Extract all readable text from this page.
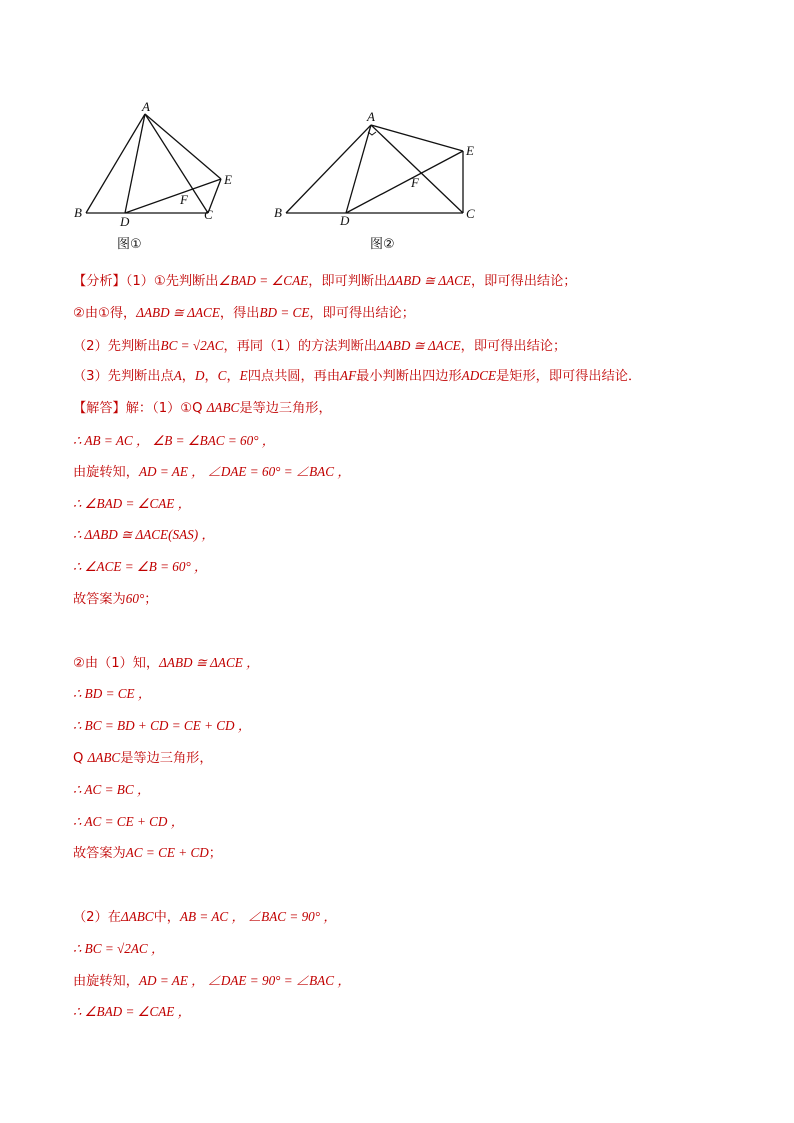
A
B
D	C
E
F
图①
A
B
D	C
E
F
图②
【分析】（1）①先判断出∠BAD = ∠CAE，即可判断出ΔABD ≅ ΔACE，即可得出结论；
②由①得，ΔABD ≅ ΔACE，得出BD = CE，即可得出结论；
（2）先判断出BC = √2AC，再同（1）的方法判断出ΔABD ≅ ΔACE，即可得出结论；
（3）先判断出点A，D，C，E四点共圆，再由AF最小判断出四边形ADCE是矩形，即可得出结论．
【解答】解：（1）①Q ΔABC是等边三角形，
∴ AB = AC ， ∠B = ∠BAC = 60° ，
由旋转知，AD = AE ， ∠DAE = 60° = ∠BAC ，
∴ ∠BAD = ∠CAE ，
∴ ΔABD ≅ ΔACE(SAS) ，
∴ ∠ACE = ∠B = 60° ，
故答案为60°；
②由（1）知，ΔABD ≅ ΔACE ，
∴ BD = CE ，
∴ BC = BD + CD = CE + CD ，
Q ΔABC是等边三角形，
∴ AC = BC ，
∴ AC = CE + CD ，
故答案为AC = CE + CD；
（2）在ΔABC中，AB = AC ， ∠BAC = 90° ，
∴ BC = √2AC ，
由旋转知，AD = AE ， ∠DAE = 90° = ∠BAC ，
∴ ∠BAD = ∠CAE ，
